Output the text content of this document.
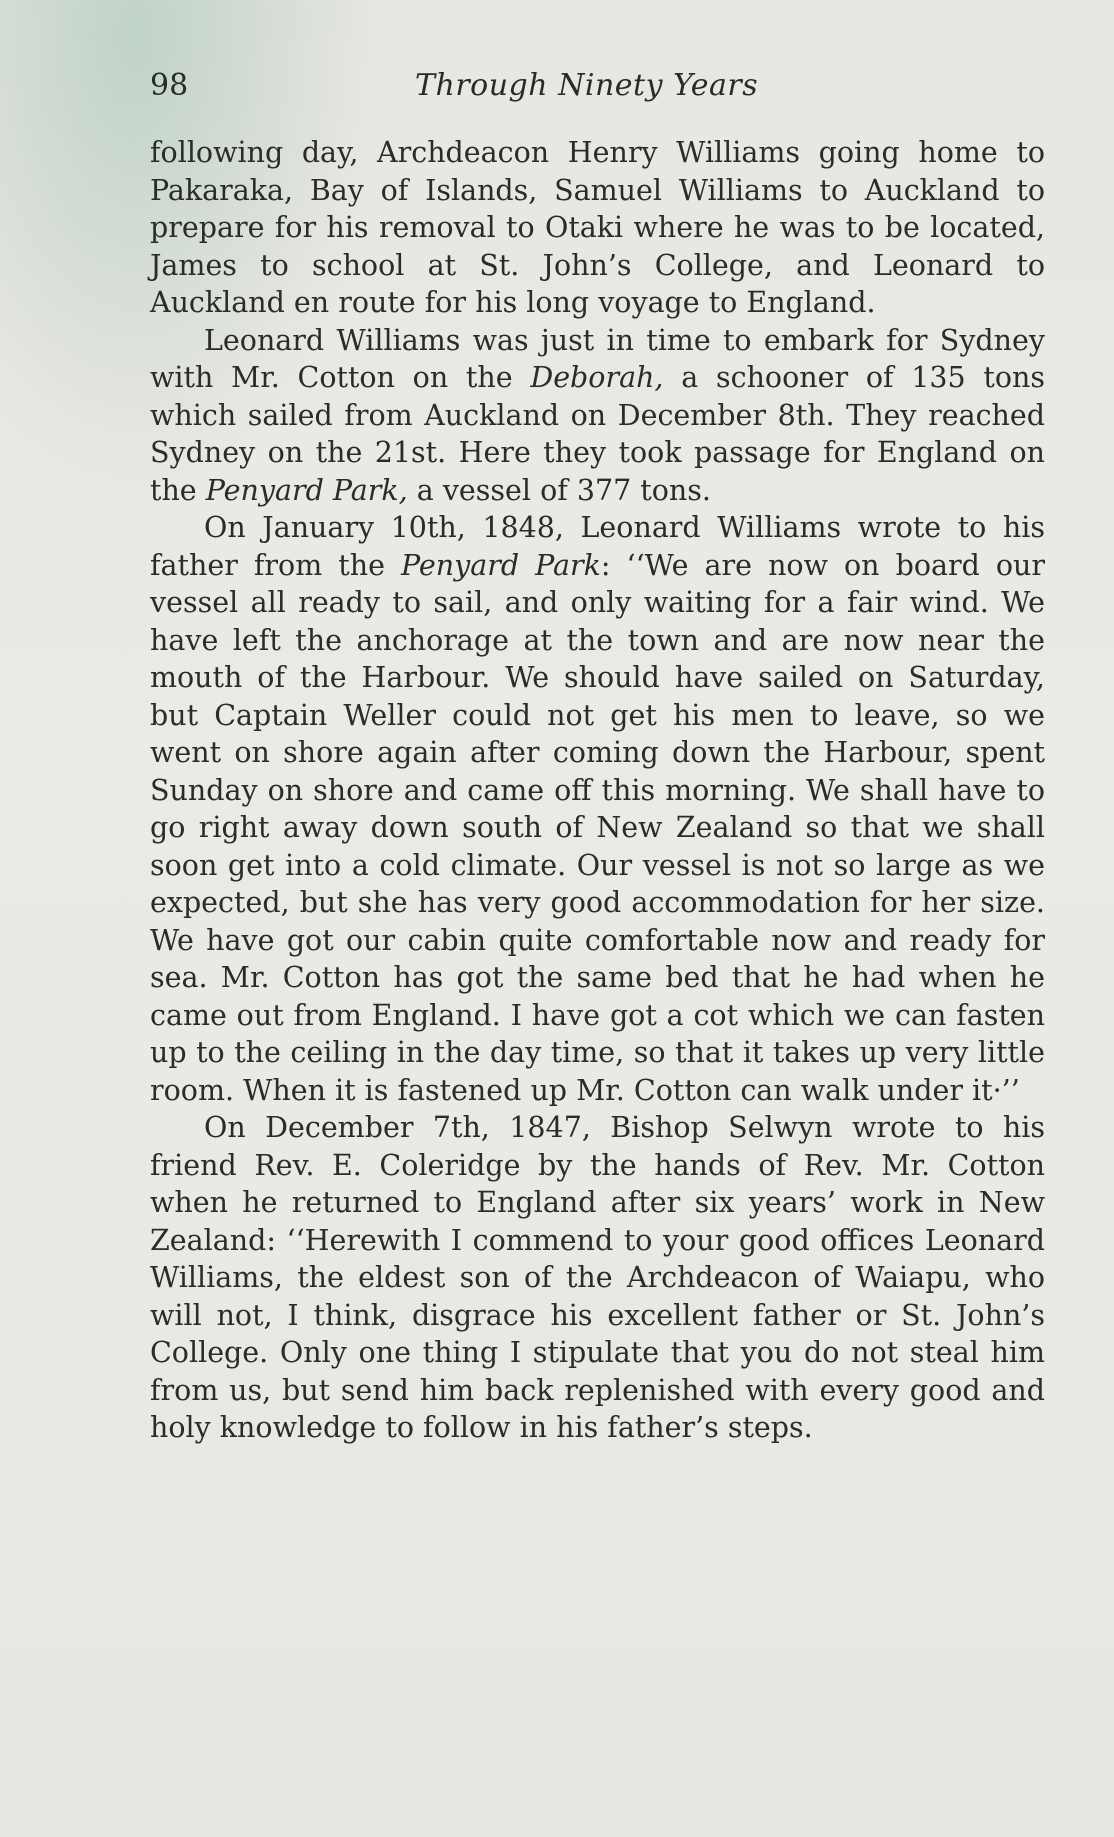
98	Through Ninety Years

following day, Archdeacon Henry Williams going home to Pakaraka, Bay of Islands, Samuel Williams to Auckland to prepare for his removal to Otaki where he was to be located, James to school at St. John’s College, and Leonard to Auckland en route for his long voyage to England.

Leonard Williams was just in time to embark for Sydney with Mr. Cotton on the Deborah, a schooner of 135 tons which sailed from Auckland on December 8th. They reached Sydney on the 21st. Here they took passage for England on the Penyard Park, a vessel of 377 tons.

On January 10th, 1848, Leonard Williams wrote to his father from the Penyard Park: ‘‘We are now on board our vessel all ready to sail, and only waiting for a fair wind. We have left the anchorage at the town and are now near the mouth of the Harbour. We should have sailed on Saturday, but Captain Weller could not get his men to leave, so we went on shore again after coming down the Harbour, spent Sunday on shore and came off this morning. We shall have to go right away down south of New Zealand so that we shall soon get into a cold climate. Our vessel is not so large as we expected, but she has very good accommodation for her size. We have got our cabin quite comfortable now and ready for sea. Mr. Cotton has got the same bed that he had when he came out from England. I have got a cot which we can fasten up to the ceiling in the day time, so that it takes up very little room. When it is fastened up Mr. Cotton can walk under it·’’

On December 7th, 1847, Bishop Selwyn wrote to his friend Rev. E. Coleridge by the hands of Rev. Mr. Cotton when he returned to England after six years’ work in New Zealand: ‘‘Herewith I commend to your good offices Leonard Williams, the eldest son of the Archdeacon of Waiapu, who will not, I think, disgrace his excellent father or St. John’s College. Only one thing I stipulate that you do not steal him from us, but send him back replenished with every good and holy knowledge to follow in his father’s steps.
